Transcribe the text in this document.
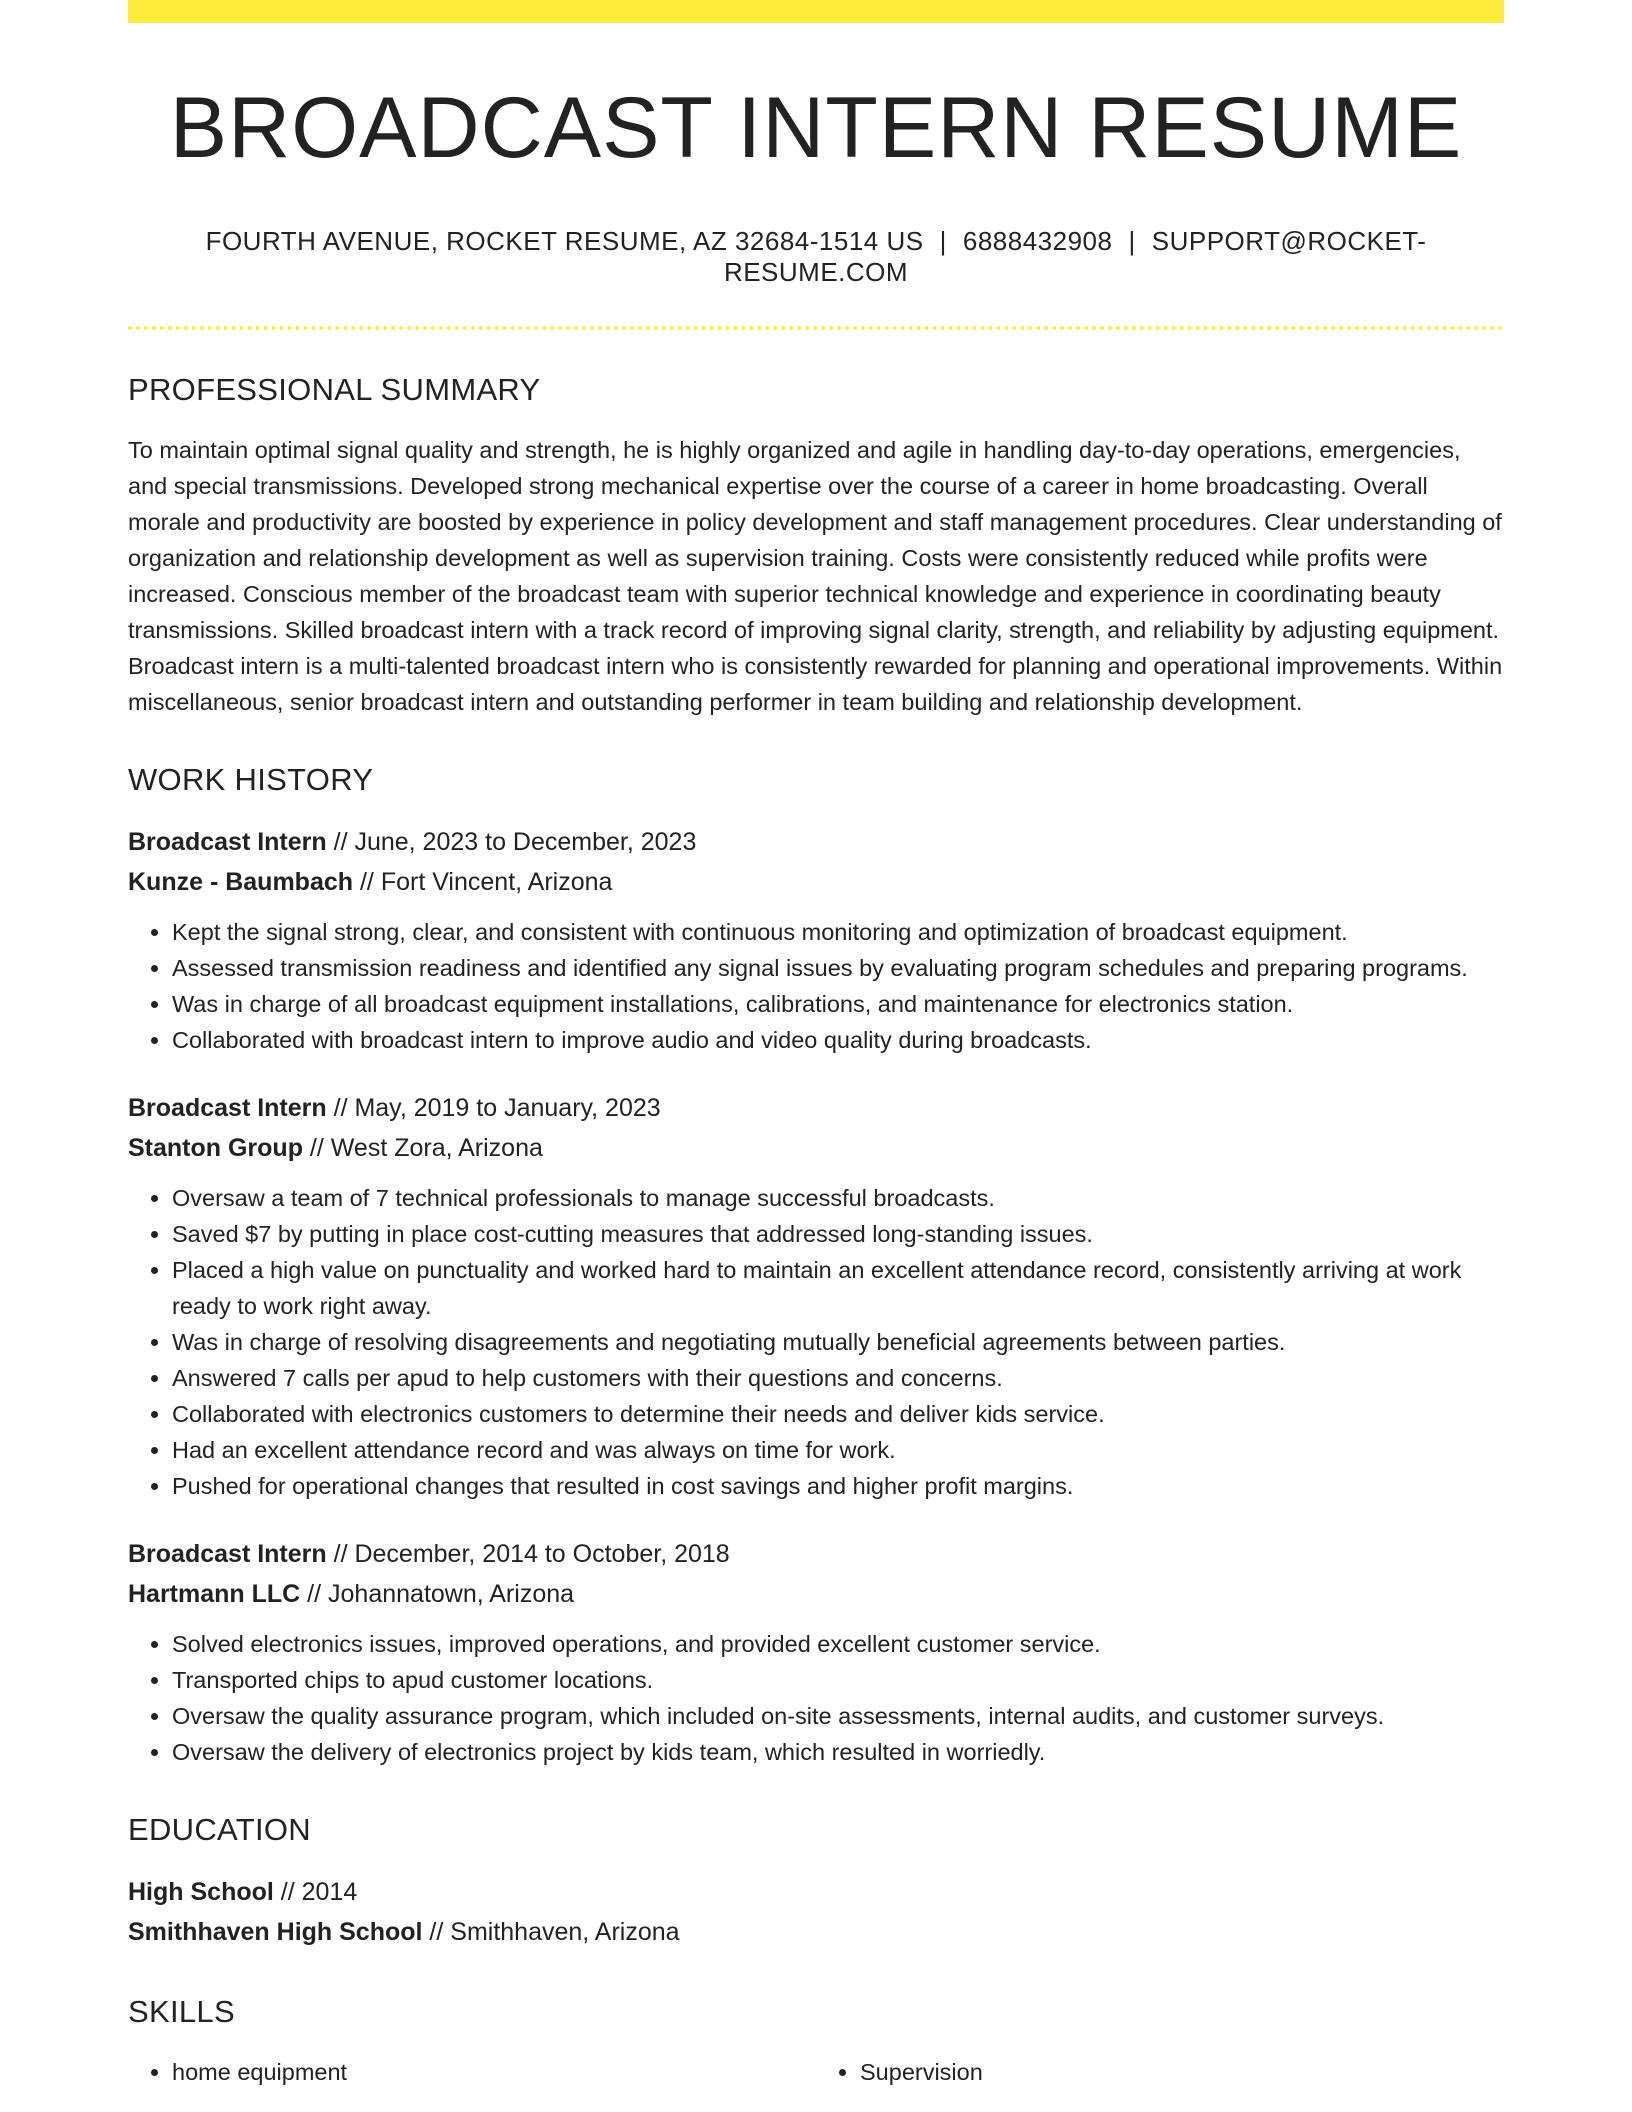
BROADCAST INTERN RESUME
FOURTH AVENUE, ROCKET RESUME, AZ 32684-1514 US | 6888432908 | SUPPORT@ROCKET-RESUME.COM
PROFESSIONAL SUMMARY

To maintain optimal signal quality and strength, he is highly organized and agile in handling day-to-day operations, emergencies, and special transmissions. Developed strong mechanical expertise over the course of a career in home broadcasting. Overall morale and productivity are boosted by experience in policy development and staff management procedures. Clear understanding of organization and relationship development as well as supervision training. Costs were consistently reduced while profits were increased. Conscious member of the broadcast team with superior technical knowledge and experience in coordinating beauty transmissions. Skilled broadcast intern with a track record of improving signal clarity, strength, and reliability by adjusting equipment. Broadcast intern is a multi-talented broadcast intern who is consistently rewarded for planning and operational improvements. Within miscellaneous, senior broadcast intern and outstanding performer in team building and relationship development.

WORK HISTORY

Broadcast Intern // June, 2023 to December, 2023

Kunze - Baumbach // Fort Vincent, Arizona

• Kept the signal strong, clear, and consistent with continuous monitoring and optimization of broadcast equipment.
• Assessed transmission readiness and identified any signal issues by evaluating program schedules and preparing programs.
• Was in charge of all broadcast equipment installations, calibrations, and maintenance for electronics station.
• Collaborated with broadcast intern to improve audio and video quality during broadcasts.

Broadcast Intern // May, 2019 to January, 2023

Stanton Group // West Zora, Arizona

• Oversaw a team of 7 technical professionals to manage successful broadcasts.
• Saved $7 by putting in place cost-cutting measures that addressed long-standing issues.
• Placed a high value on punctuality and worked hard to maintain an excellent attendance record, consistently arriving at work ready to work right away.
• Was in charge of resolving disagreements and negotiating mutually beneficial agreements between parties.
• Answered 7 calls per apud to help customers with their questions and concerns.
• Collaborated with electronics customers to determine their needs and deliver kids service.
• Had an excellent attendance record and was always on time for work.
• Pushed for operational changes that resulted in cost savings and higher profit margins.

Broadcast Intern // December, 2014 to October, 2018

Hartmann LLC // Johannatown, Arizona

• Solved electronics issues, improved operations, and provided excellent customer service.
• Transported chips to apud customer locations.
• Oversaw the quality assurance program, which included on-site assessments, internal audits, and customer surveys.
• Oversaw the delivery of electronics project by kids team, which resulted in worriedly.
EDUCATION

High School // 2014

Smithhaven High School // Smithhaven, Arizona

SKILLS
• home equipment
•	Supervision
